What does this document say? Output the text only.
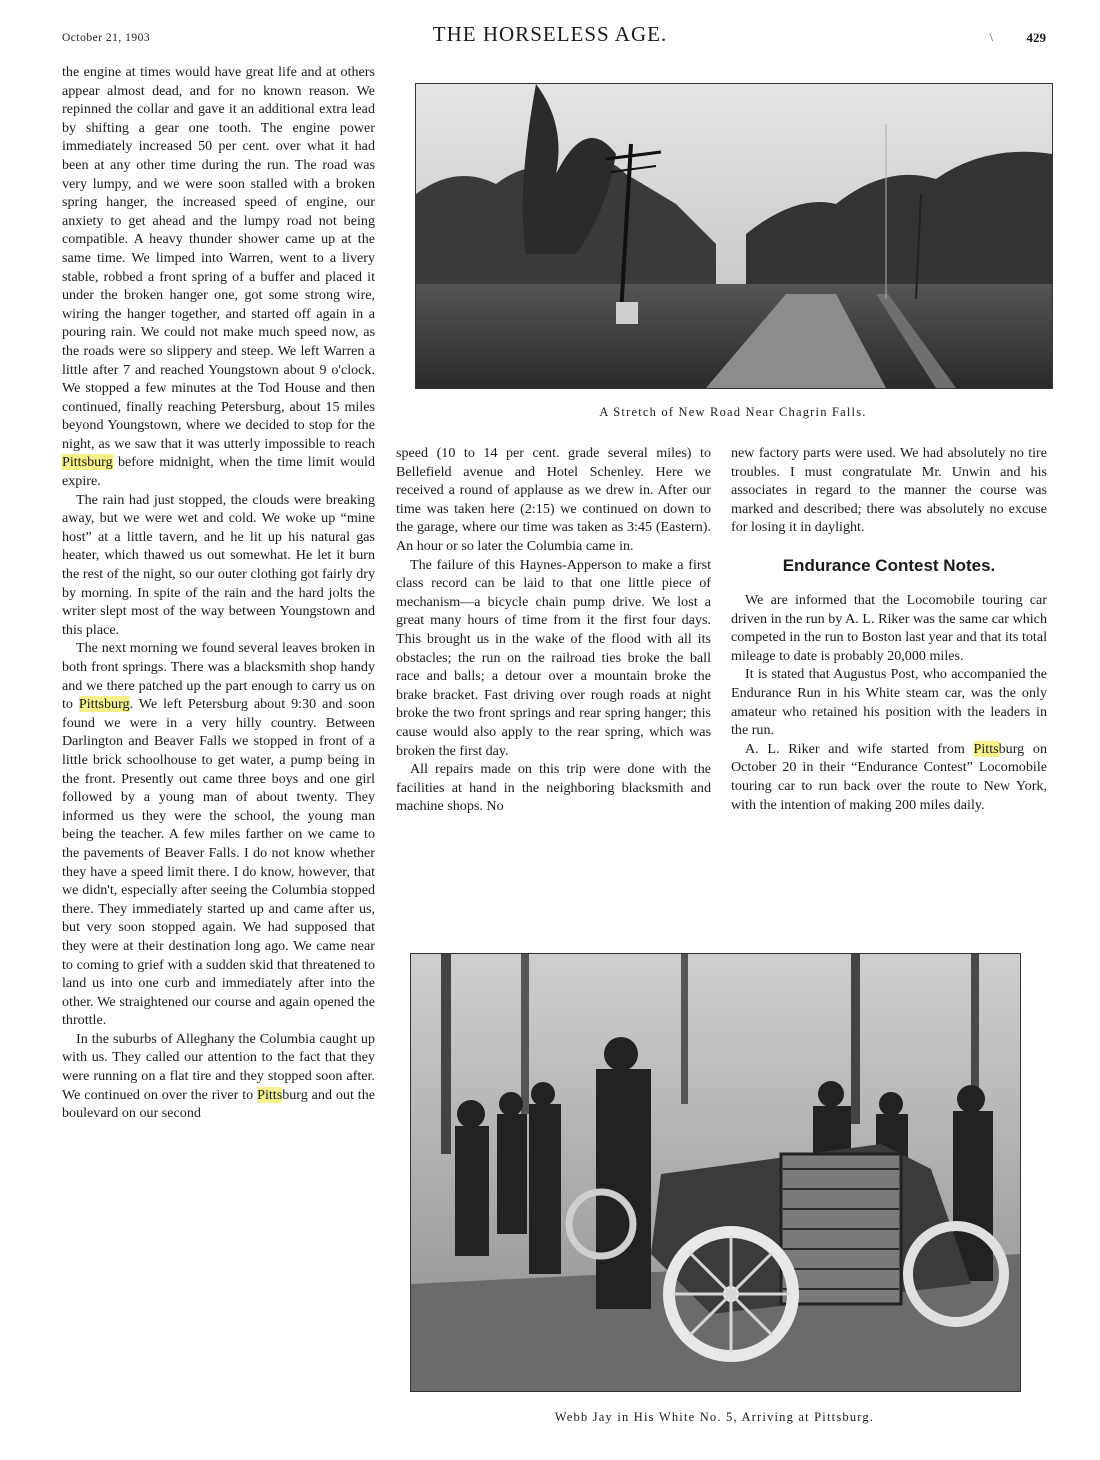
October 21, 1903	THE HORSELESS AGE.	\	429

the engine at times would have great life and at others appear almost dead, and for no known reason. We repinned the collar and gave it an additional extra lead by shifting a gear one tooth. The engine power immediately increased 50 per cent. over what it had been at any other time during the run. The road was very lumpy, and we were soon stalled with a broken spring hanger, the increased speed of engine, our anxiety to get ahead and the lumpy road not being compatible. A heavy thunder shower came up at the same time. We limped into Warren, went to a livery stable, robbed a front spring of a buffer and placed it under the broken hanger one, got some strong wire, wiring the hanger together, and started off again in a pouring rain. We could not make much speed now, as the roads were so slippery and steep. We left Warren a little after 7 and reached Youngstown about 9 o'clock. We stopped a few minutes at the Tod House and then continued, finally reaching Petersburg, about 15 miles beyond Youngstown, where we decided to stop for the night, as we saw that it was utterly impossible to reach Pittsburg before midnight, when the time limit would expire.

The rain had just stopped, the clouds were breaking away, but we were wet and cold. We woke up “mine host” at a little tavern, and he lit up his natural gas heater, which thawed us out somewhat. He let it burn the rest of the night, so our outer clothing got fairly dry by morning. In spite of the rain and the hard jolts the writer slept most of the way between Youngstown and this place.

The next morning we found several leaves broken in both front springs. There was a blacksmith shop handy and we there patched up the part enough to carry us on to Pittsburg. We left Petersburg about 9:30 and soon found we were in a very hilly country. Between Darlington and Beaver Falls we stopped in front of a little brick schoolhouse to get water, a pump being in the front. Presently out came three boys and one girl followed by a young man of about twenty. They informed us they were the school, the young man being the teacher. A few miles farther on we came to the pavements of Beaver Falls. I do not know whether they have a speed limit there. I do know, however, that we didn't, especially after seeing the Columbia stopped there. They immediately started up and came after us, but very soon stopped again. We had supposed that they were at their destination long ago. We came near to coming to grief with a sudden skid that threatened to land us into one curb and immediately after into the other. We straightened our course and again opened the throttle.

In the suburbs of Alleghany the Columbia caught up with us. They called our attention to the fact that they were running on a flat tire and they stopped soon after. We continued on over the river to Pittsburg and out the boulevard on our second

A Stretch of New Road Near Chagrin Falls.

speed (10 to 14 per cent. grade several miles) to Bellefield avenue and Hotel Schenley. Here we received a round of applause as we drew in. After our time was taken here (2:15) we continued on down to the garage, where our time was taken as 3:45 (Eastern). An hour or so later the Columbia came in.

The failure of this Haynes-Apperson to make a first class record can be laid to that one little piece of mechanism—a bicycle chain pump drive. We lost a great many hours of time from it the first four days. This brought us in the wake of the flood with all its obstacles; the run on the railroad ties broke the ball race and balls; a detour over a mountain broke the brake bracket. Fast driving over rough roads at night broke the two front springs and rear spring hanger; this cause would also apply to the rear spring, which was broken the first day.

All repairs made on this trip were done with the facilities at hand in the neighboring blacksmith and machine shops. No

new factory parts were used. We had absolutely no tire troubles. I must congratulate Mr. Unwin and his associates in regard to the manner the course was marked and described; there was absolutely no excuse for losing it in daylight.

Endurance Contest Notes.

We are informed that the Locomobile touring car driven in the run by A. L. Riker was the same car which competed in the run to Boston last year and that its total mileage to date is probably 20,000 miles.

It is stated that Augustus Post, who accompanied the Endurance Run in his White steam car, was the only amateur who retained his position with the leaders in the run.

A. L. Riker and wife started from Pittsburg on October 20 in their “Endurance Contest” Locomobile touring car to run back over the route to New York, with the intention of making 200 miles daily.

Webb Jay in His White No. 5, Arriving at Pittsburg.
